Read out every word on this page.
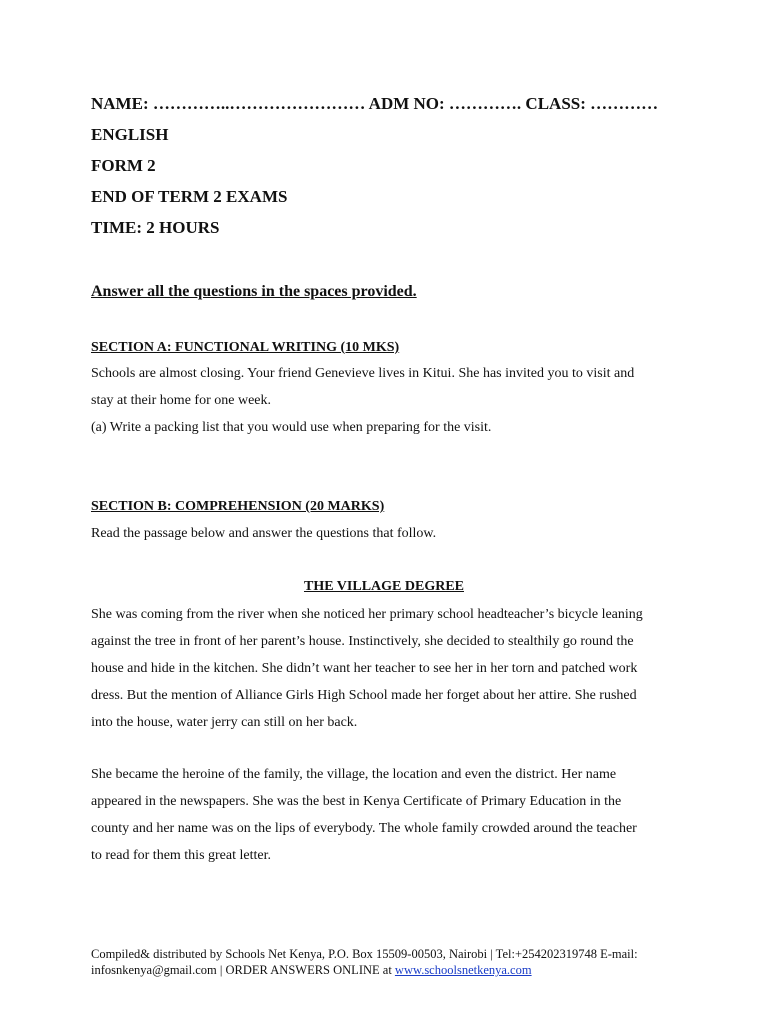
NAME: …………..…………………… ADM NO: …………. CLASS: …………
ENGLISH
FORM 2
END OF TERM 2 EXAMS
TIME: 2 HOURS
Answer all the questions in the spaces provided.
SECTION A: FUNCTIONAL WRITING (10 MKS)
Schools are almost closing. Your friend Genevieve lives in Kitui. She has invited you to visit and
stay at their home for one week.
(a) Write a packing list that you would use when preparing for the visit.
SECTION B: COMPREHENSION (20 MARKS)
Read the passage below and answer the questions that follow.
THE VILLAGE DEGREE
She was coming from the river when she noticed her primary school headteacher’s bicycle leaning
against the tree in front of her parent’s house. Instinctively, she decided to stealthily go round the
house and hide in the kitchen. She didn’t want her teacher to see her in her torn and patched work
dress. But the mention of Alliance Girls High School made her forget about her attire. She rushed
into the house, water jerry can still on her back.
She became the heroine of the family, the village, the location and even the district. Her name
appeared in the newspapers. She was the best in Kenya Certificate of Primary Education in the
county and her name was on the lips of everybody. The whole family crowded around the teacher
to read for them this great letter.
Compiled& distributed by Schools Net Kenya, P.O. Box 15509-00503, Nairobi | Tel:+254202319748 E-mail:
infosnkenya@gmail.com | ORDER ANSWERS ONLINE at www.schoolsnetkenya.com
